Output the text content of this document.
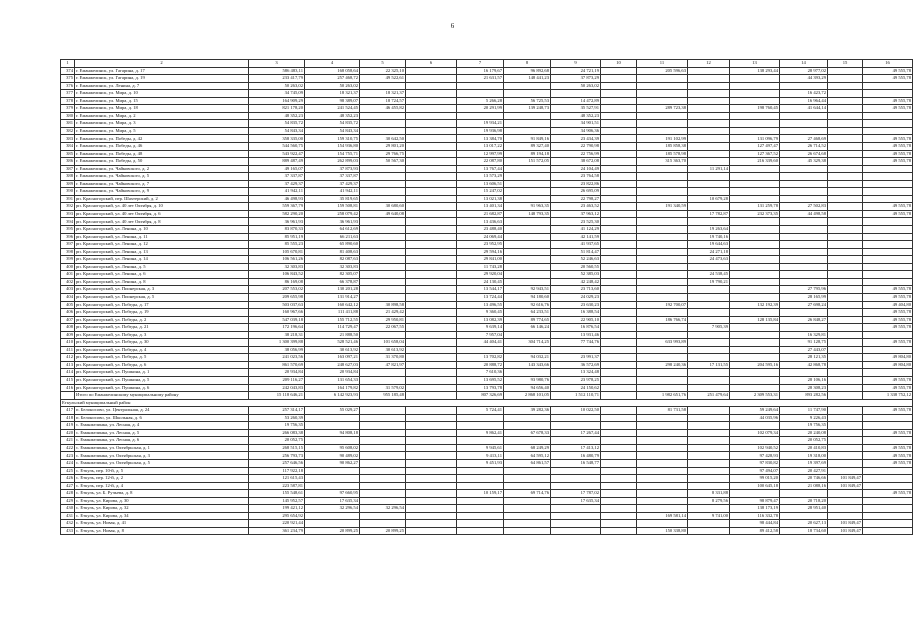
6
1	2	3	4	5	6	7	8	9	10	11	12	13	14	15	16
374	г. Еманжелинск, ул. Гагарина, д. 17	586 483,11	168 058,64	22 325,10		16 179,67	96 892,68	24 721,19		205 596,63		138 293,44	28 977,02		49 555,78
375	г. Еманжелинск, ул. Гагарина, д. 19	233 417,79	257 468,72	49 522,61		21 631,57	148 441,23	37 873,29					44 393,29		49 555,78
376	г. Еманжелинск, ул. Ленина, д. 7	50 263,02	50 263,02					50 263,02							
377	г. Еманжелинск, ул. Мира, д. 10	34 745,09	18 321,37	18 321,37									16 423,72		
378	г. Еманжелинск, ул. Мира, д. 15	164 909,29	98 389,07	18 724,57		5 266,28	56 725,53	14 472,89					16 964,44		49 555,78
379	г. Еманжелинск, ул. Мира, д. 18	821 178,20	241 524,45	46 455,82		20 291,99	139 248,73	35 527,91		289 723,38		198 760,45	41 644,14		49 555,78
380	г. Еманжелинск, ул. Мира, д. 2	48 352,23	48 352,23					48 352,23							
381	г. Еманжелинск, ул. Мира, д. 3	54 835,72	54 835,72			19 934,21		34 901,51							
382	г. Еманжелинск, ул. Мира, д. 5	54 843,34	54 843,34			19 936,98		34 906,36							
383	г. Еманжелинск, ул. Победы, д. 42	358 335,00	159 310,75	30 642,50		13 384,70	91 849,16	23 434,39		191 102,99		131 096,79	27 468,69		49 555,78
384	г. Еманжелинск, ул. Победы, д. 46	544 560,75	154 936,80	29 801,20		13 017,22	89 327,40	22 790,98		185 858,38		127 497,47	26 714,52		49 555,78
385	г. Еманжелинск, ул. Победы, д. 48	543 922,47	154 755,71	29 766,75		12 997,99	89 194,18	22 756,99		185 578,98		127 367,52	26 674,68		49 555,78
386	г. Еманжелинск, ул. Победы, д. 50	889 487,49	262 899,03	50 567,30		22 087,80	151 572,05	38 672,08		315 363,70		216 339,60	45 329,38		49 555,78
387	г. Еманжелинск, ул. Чайковского, д. 2	49 165,07	37 873,93			13 767,44		24 104,49			11 291,14				
388	г. Еманжелинск, ул. Чайковского, д. 5	37 337,87	37 337,87			13 573,29		23 764,58							
389	г. Еманжелинск, ул. Чайковского, д. 7	37 429,37	37 429,37			13 606,51		23 822,86							
390	г. Еманжелинск, ул. Чайковского, д. 9	41 942,11	41 942,11			15 247,02		26 695,09							
391	рп. Красногорский, пер. Шахтерский, д. 2	46 498,93	35 819,65			13 021,38		22 798,27			10 679,28				
392	рп. Красногорский, ул. 40 лет Октября, д. 10	559 367,79	159 508,81	30 680,60		13 401,34	91 963,35	23 463,52		191 340,59		131 259,78	27 502,83		49 555,78
393	рп. Красногорский, ул. 40 лет Октября, д. 6	582 290,20	258 079,42	49 640,08		21 682,87	148 793,35	37 963,12			17 782,87	232 373,35	44 498,58		49 555,78
394	рп. Красногорский, ул. 40 лет Октября, д. 8	36 961,93	36 961,93			13 436,63		23 525,30							
395	рп. Красногорский, ул. Ленина, д. 10	83 870,33	64 612,69			23 488,40		41 124,29			19 263,64				
396	рп. Красногорский, ул. Ленина, д. 11	85 951,19	66 211,63			24 069,44		42 141,59			19 740,16				
397	рп. Красногорский, ул. Ленина, д. 12	85 555,23	65 890,60			23 952,95		41 937,65			19 644,63				
398	рп. Красногорский, ул. Ленина, д. 13	105 670,81	81 408,63			29 594,16		51 814,47			24 271,18				
399	рп. Красногорский, ул. Ленина, д. 14	106 561,26	82 087,63			29 841,00		52 246,63			24 473,63				
400	рп. Красногорский, ул. Ленина, д. 5	32 303,83	32 303,83			11 743,28		20 560,55							
401	рп. Красногорский, ул. Ленина, д. 6	106 843,52	82 305,07			29 920,04		52 385,03			24 538,45				
402	рп. Красногорский, ул. Ленина, д. 8	86 169,08	66 378,87			24 130,45		42 248,42			19 790,21				
403	рп. Красногорский, ул. Пионерская, д. 3	207 553,02	130 201,28			13 544,17	92 943,51	23 713,60					27 795,96		49 555,78
404	рп. Красногорский, ул. Пионерская, д. 5	209 655,98	131 914,27			13 724,44	94 180,60	24 029,23					28 165,99		49 555,78
405	рп. Красногорский, ул. Победы, д. 17	503 037,63	160 642,12	30 898,58		13 496,55	92 616,76	23 630,23		192 700,07		132 192,39	27 698,24		49 404,80
406	рп. Красногорский, ул. Победы, д. 19	160 967,66	111 411,88	21 429,42		9 360,45	64 233,51	16 388,54							49 555,78
407	рп. Красногорский, ул. Победы, д. 2	547 039,18	155 712,55	29 950,81		13 082,39	89 774,65	22 905,10		186 766,74		128 135,84	26 848,27		49 555,78
408	рп. Красногорский, ул. Победы, д. 21	172 196,64	114 729,47	22 067,55		9 639,14	66 146,24	16 876,54			7 905,39				49 555,78
409	рп. Красногорский, ул. Победы, д. 3	38 218,31	21 888,50			7 957,04		13 931,46					16 329,81		
410	рп. Красногорский, ул. Победы, д. 30	1 300 399,88	528 521,46	101 658,04		44 404,41	304 714,25	77 744,76		633 993,89			91 128,75		49 555,78
411	рп. Красногорский, ул. Победы, д. 4	38 056,99	30 613,92	30 613,92									27 443,07		
412	рп. Красногорский, ул. Победы, д. 5	241 023,56	163 097,21	31 370,80		13 702,82	94 032,21	23 991,37					28 121,35		49 804,80
413	рп. Красногорский, ул. Победы, д. 6	861 570,69	248 627,03	47 821,97		20 888,72	143 343,66	36 572,69		298 240,36	17 131,55	204 595,16	42 868,78		49 804,80
414	рп. Красногорский, ул. Пушкина, д. 1	20 934,84	20 934,84			7 610,36		13 324,48							
415	рп. Красногорский, ул. Пушкина, д. 5	209 116,27	131 654,33			13 695,52	93 980,76	23 978,25					28 106,16		49 555,78
416	рп. Красногорский, ул. Пушкина, д. 6	242 043,83	164 179,82	31 579,02		13 793,78	94 656,40	24 150,62					28 308,23		49 555,78
	Итого по Еманжелинскому муниципальному району	15 118 646,21	6 142 923,93	955 185,48		807 326,69	2 868 101,05	1 512 110,71		1 982 651,76	251 479,64	2 309 553,31	893 282,56		1 338 752,12
Еткульский муниципальный район															
417	п. Белоносово, ул. Центральная, д. 24	257 314,17	55 029,27			5 724,41	39 282,36	10 022,50		81 731,58		59 249,64	11 747,90		49 555,78
418	п. Белоносово, ул. Школьная, д. 6	53 260,39										44 035,96	9 226,43		
419	с. Еманжелинка, ул. Лесная, д. 4	19 756,35											19 756,35		
420	с. Еманжелинка, ул. Лесная, д. 5	266 083,38	94 808,18			9 862,41	67 678,33	17 267,44				102 079,34	20 240,08		49 555,78
421	с. Еманжелинка, ул. Лесная, д. 6	20 052,75											20 052,75		
422	с. Еманжелинка, ул. Октябрьская, д. 1	268 515,15	95 608,02			9 945,61	68 249,29	17 413,12				102 940,52	20 410,83		49 555,78
423	с. Еманжелинка, ул. Октябрьская, д. 3	256 793,73	90 489,02			9 413,11	64 595,12	16 480,79				97 428,93	19 318,00		49 555,78
424	с. Еманжелинка, ул. Октябрьская, д. 5	257 646,56	90 862,27			9 451,93	64 861,57	16 548,77				97 830,82	19 397,69		49 555,78
425	с. Еткуль, пер. 10-й, д. 5	117 922,18										97 494,07	20 427,91		
426	с. Еткуль, пер. 12-й, д. 2	121 615,43										99 015,20	20 746,66	101 849,47	
427	с. Еткуль, пер. 12-й, д. 4	223 587,81										100 645,18	21 088,16	101 849,47	
428	с. Еткуль, ул. Б. Ручьева, д. 8	155 548,61	97 660,95			10 159,17	69 714,76	17 787,02			8 331,88				49 555,78
429	с. Еткуль, ул. Кирова, д. 30	145 952,57	17 635,34					17 635,34			8 279,56	98 879,47	20 718,20		
430	с. Еткуль, ул. Кирова, д. 32	199 421,12	32 296,54	32 296,54								138 173,19	28 951,40		
431	с. Еткуль, ул. Кирова, д. 34	295 654,92								169 581,14	9 741,00	116 332,78			
432	с. Еткуль, ул. Новая, д. 41	220 921,44										98 444,84	20 627,13	101 849,47	
433	с. Еткуль, ул. Новая, д. 8	361 234,79	20 899,25	20 899,25						150 338,80		89 412,58	18 734,60	101 849,47	
